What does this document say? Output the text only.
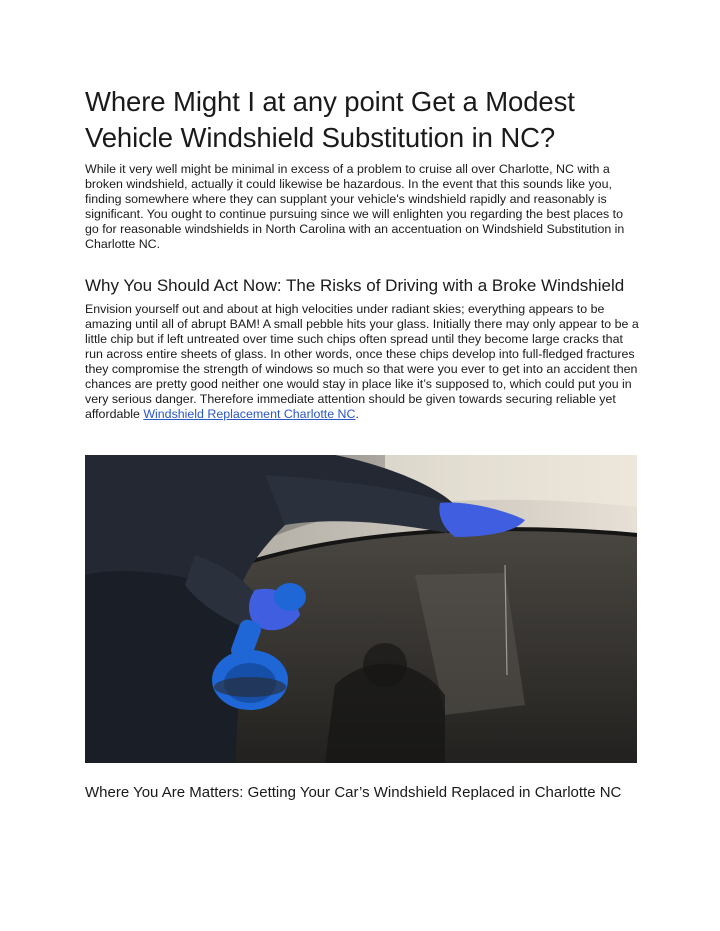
Where Might I at any point Get a Modest Vehicle Windshield Substitution in NC?

While it very well might be minimal in excess of a problem to cruise all over Charlotte, NC with a broken windshield, actually it could likewise be hazardous. In the event that this sounds like you, finding somewhere where they can supplant your vehicle's windshield rapidly and reasonably is significant. You ought to continue pursuing since we will enlighten you regarding the best places to go for reasonable windshields in North Carolina with an accentuation on Windshield Substitution in Charlotte NC.

Why You Should Act Now: The Risks of Driving with a Broke Windshield

Envision yourself out and about at high velocities under radiant skies; everything appears to be amazing until all of abrupt BAM! A small pebble hits your glass. Initially there may only appear to be a little chip but if left untreated over time such chips often spread until they become large cracks that run across entire sheets of glass. In other words, once these chips develop into full-fledged fractures they compromise the strength of windows so much so that were you ever to get into an accident then chances are pretty good neither one would stay in place like it’s supposed to, which could put you in very serious danger. Therefore immediate attention should be given towards securing reliable yet affordable Windshield Replacement Charlotte NC.

Where You Are Matters: Getting Your Car’s Windshield Replaced in Charlotte NC
